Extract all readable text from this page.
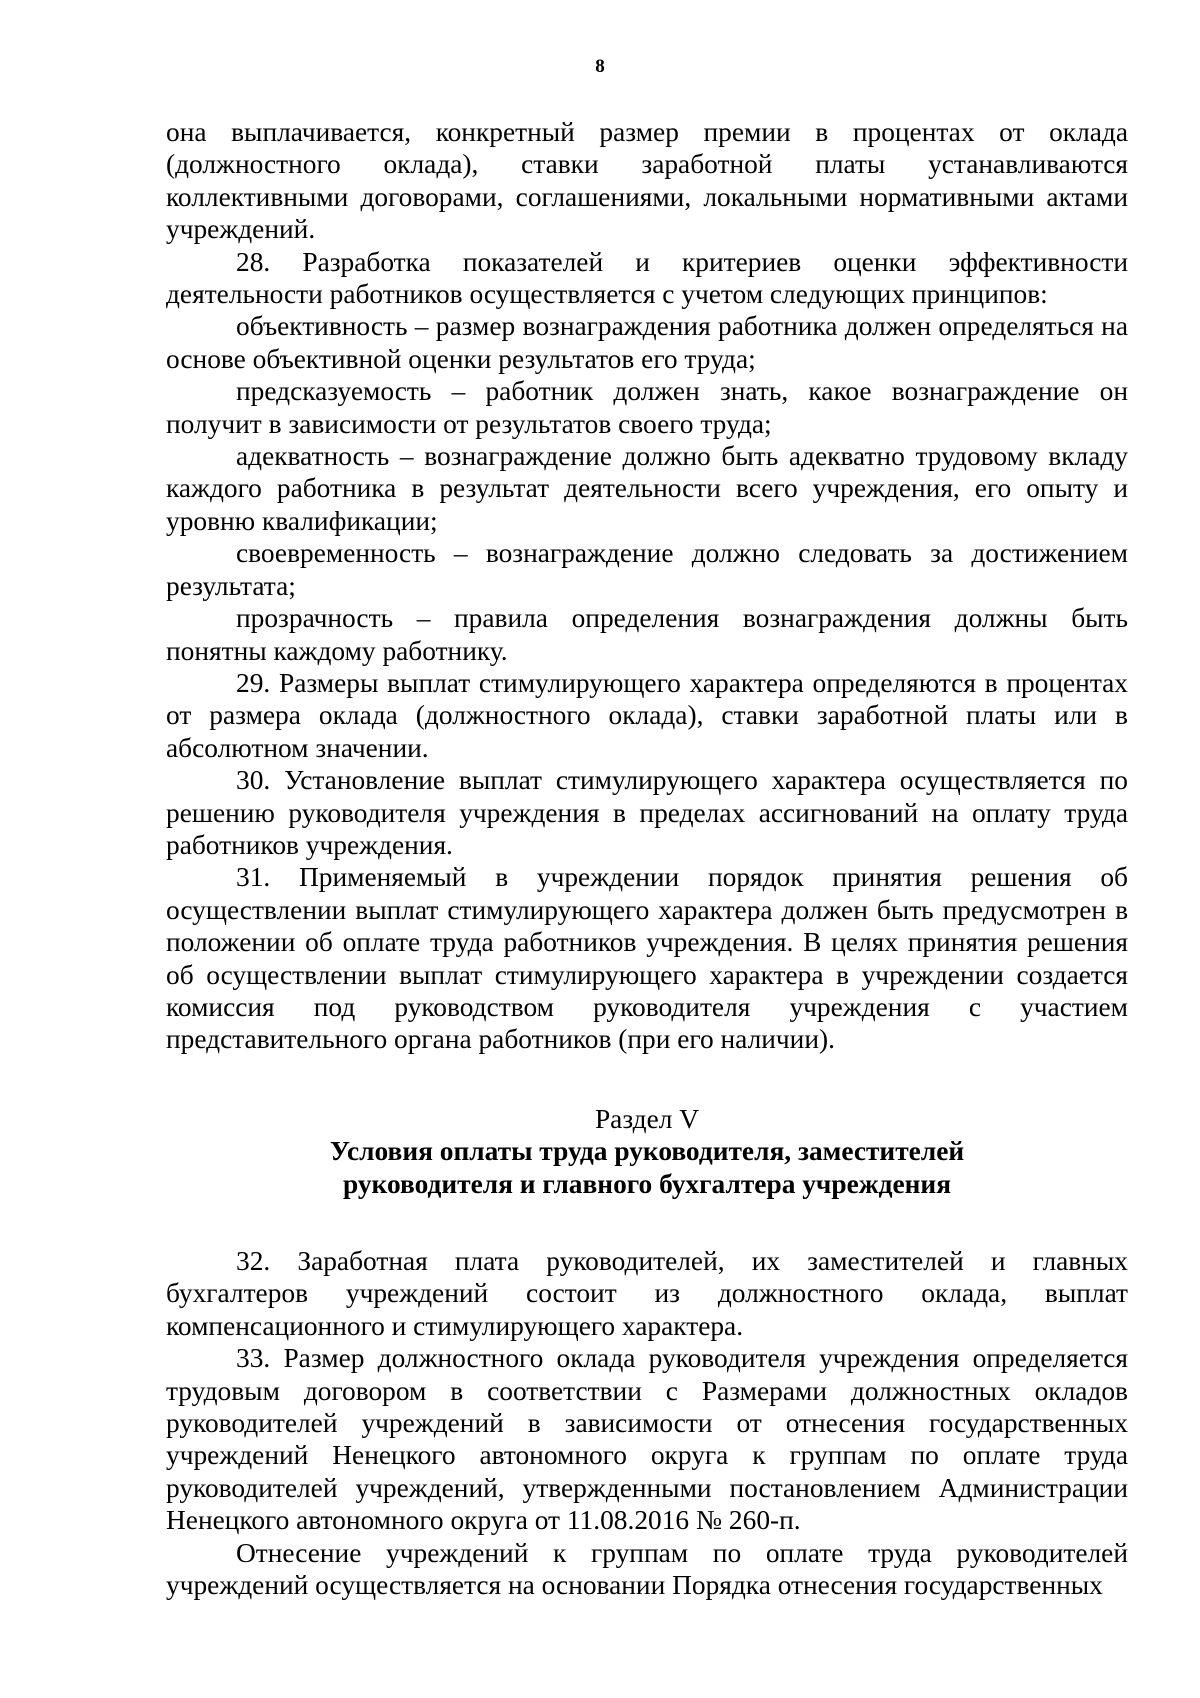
8

она выплачивается, конкретный размер премии в процентах от оклада (должностного оклада), ставки заработной платы устанавливаются коллективными договорами, соглашениями, локальными нормативными актами учреждений.

28. Разработка показателей и критериев оценки эффективности деятельности работников осуществляется с учетом следующих принципов:

объективность – размер вознаграждения работника должен определяться на основе объективной оценки результатов его труда;

предсказуемость – работник должен знать, какое вознаграждение он получит в зависимости от результатов своего труда;

адекватность – вознаграждение должно быть адекватно трудовому вкладу каждого работника в результат деятельности всего учреждения, его опыту и уровню квалификации;

своевременность – вознаграждение должно следовать за достижением результата;

прозрачность – правила определения вознаграждения должны быть понятны каждому работнику.

29. Размеры выплат стимулирующего характера определяются в процентах от размера оклада (должностного оклада), ставки заработной платы или в абсолютном значении.

30. Установление выплат стимулирующего характера осуществляется по решению руководителя учреждения в пределах ассигнований на оплату труда работников учреждения.

31. Применяемый в учреждении порядок принятия решения об осуществлении выплат стимулирующего характера должен быть предусмотрен в положении об оплате труда работников учреждения. В целях принятия решения об осуществлении выплат стимулирующего характера в учреждении создается комиссия под руководством руководителя учреждения с участием представительного органа работников (при его наличии).

Раздел V
Условия оплаты труда руководителя, заместителей
руководителя и главного бухгалтера учреждения

32. Заработная плата руководителей, их заместителей и главных бухгалтеров учреждений состоит из должностного оклада, выплат компенсационного и стимулирующего характера.

33. Размер должностного оклада руководителя учреждения определяется трудовым договором в соответствии с Размерами должностных окладов руководителей учреждений в зависимости от отнесения государственных учреждений Ненецкого автономного округа к группам по оплате труда руководителей учреждений, утвержденными постановлением Администрации Ненецкого автономного округа от 11.08.2016 № 260-п.

Отнесение учреждений к группам по оплате труда руководителей учреждений осуществляется на основании Порядка отнесения государственных
